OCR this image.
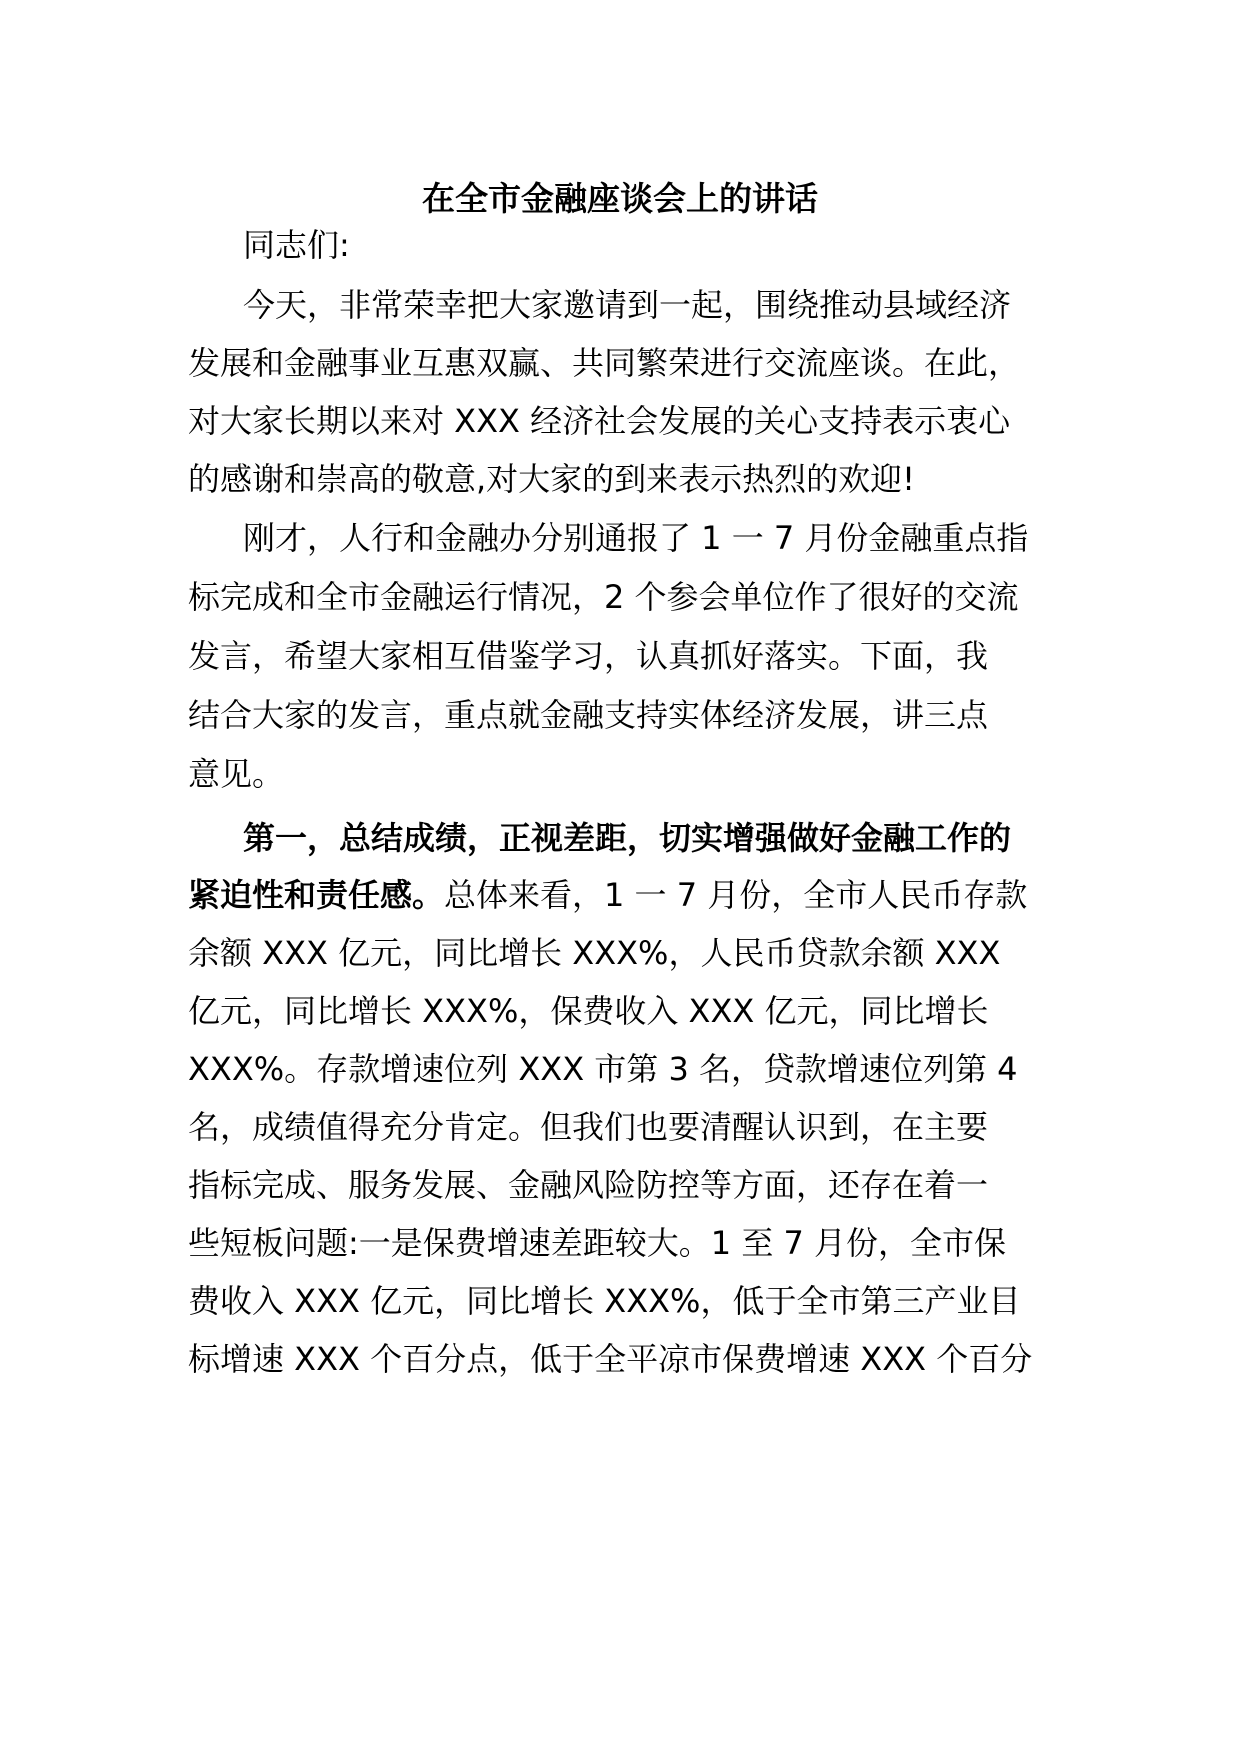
在全市金融座谈会上的讲话

同志们:

今天，非常荣幸把大家邀请到一起，围绕推动县域经济

发展和金融事业互惠双赢、共同繁荣进行交流座谈。在此，

对大家长期以来对 XXX 经济社会发展的关心支持表示衷心

的感谢和崇高的敬意,对大家的到来表示热烈的欢迎!

刚才，人行和金融办分别通报了 1 一 7 月份金融重点指

标完成和全市金融运行情况，2 个参会单位作了很好的交流

发言，希望大家相互借鉴学习，认真抓好落实。下面，我

结合大家的发言，重点就金融支持实体经济发展，讲三点

意见。

第一，总结成绩，正视差距，切实增强做好金融工作的

紧迫性和责任感。总体来看，1 一 7 月份，全市人民币存款

余额 XXX 亿元，同比增长 XXX%，人民币贷款余额 XXX

亿元，同比增长 XXX%，保费收入 XXX 亿元，同比增长

XXX%。存款增速位列 XXX 市第 3 名，贷款增速位列第 4

名，成绩值得充分肯定。但我们也要清醒认识到，在主要

指标完成、服务发展、金融风险防控等方面，还存在着一

些短板问题:一是保费增速差距较大。1 至 7 月份，全市保

费收入 XXX 亿元，同比增长 XXX%，低于全市第三产业目

标增速 XXX 个百分点，低于全平凉市保费增速 XXX 个百分
